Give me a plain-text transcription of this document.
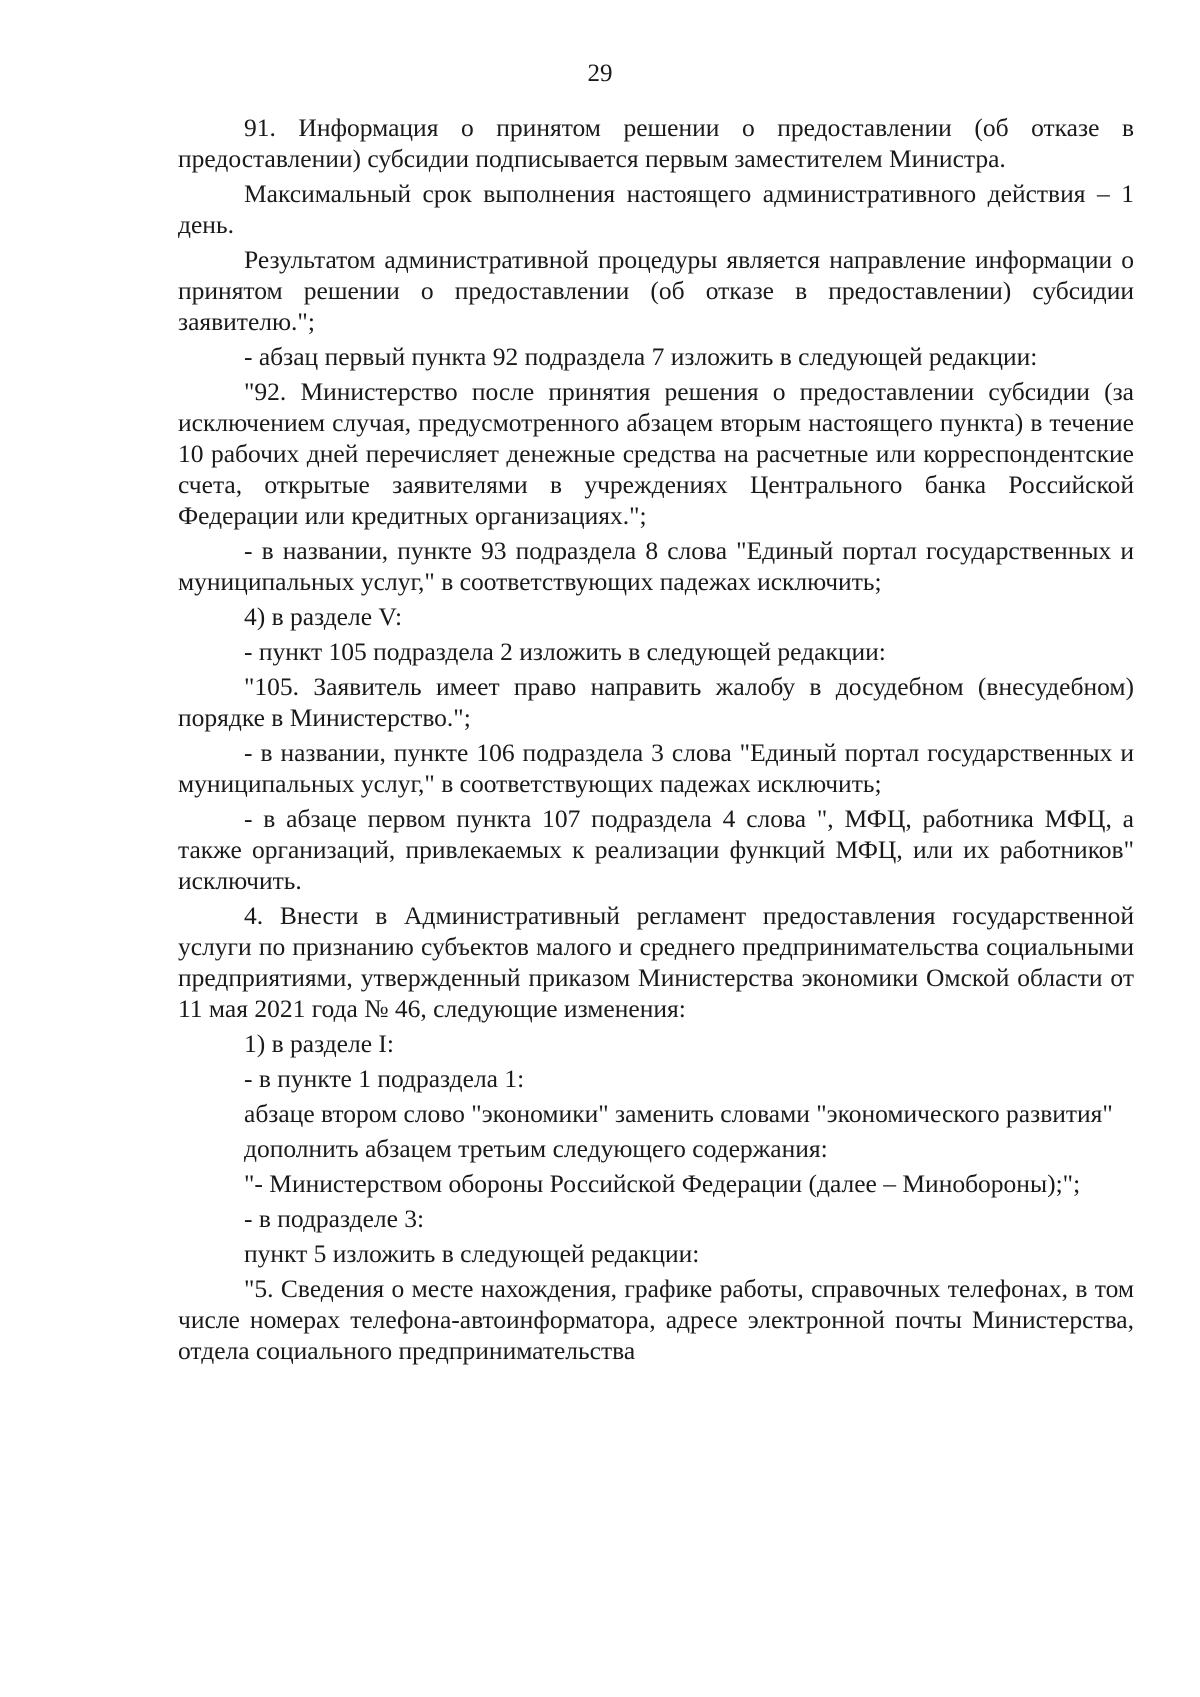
29

91. Информация о принятом решении о предоставлении (об отказе в предоставлении) субсидии подписывается первым заместителем Министра.

Максимальный срок выполнения настоящего административного действия – 1 день.

Результатом административной процедуры является направление информации о принятом решении о предоставлении (об отказе в предоставлении) субсидии заявителю.";

- абзац первый пункта 92 подраздела 7 изложить в следующей редакции:

"92. Министерство после принятия решения о предоставлении субсидии (за исключением случая, предусмотренного абзацем вторым настоящего пункта) в течение 10 рабочих дней перечисляет денежные средства на расчетные или корреспондентские счета, открытые заявителями в учреждениях Центрального банка Российской Федерации или кредитных организациях.";

- в названии, пункте 93 подраздела 8 слова "Единый портал государственных и муниципальных услуг," в соответствующих падежах исключить;

4) в разделе V:

- пункт 105 подраздела 2 изложить в следующей редакции:

"105. Заявитель имеет право направить жалобу в досудебном (внесудебном) порядке в Министерство.";

- в названии, пункте 106 подраздела 3 слова "Единый портал государственных и муниципальных услуг," в соответствующих падежах исключить;

- в абзаце первом пункта 107 подраздела 4 слова ", МФЦ, работника МФЦ, а также организаций, привлекаемых к реализации функций МФЦ, или их работников" исключить.

4. Внести в Административный регламент предоставления государственной услуги по признанию субъектов малого и среднего предпринимательства социальными предприятиями, утвержденный приказом Министерства экономики Омской области от 11 мая 2021 года № 46, следующие изменения:

1) в разделе I:

- в пункте 1 подраздела 1:

абзаце втором слово "экономики" заменить словами "экономического развития"

дополнить абзацем третьим следующего содержания:

"- Министерством обороны Российской Федерации (далее – Минобороны);";

- в подразделе 3:

пункт 5 изложить в следующей редакции:

"5. Сведения о месте нахождения, графике работы, справочных телефонах, в том числе номерах телефона-автоинформатора, адресе электронной почты Министерства, отдела социального предпринимательства
